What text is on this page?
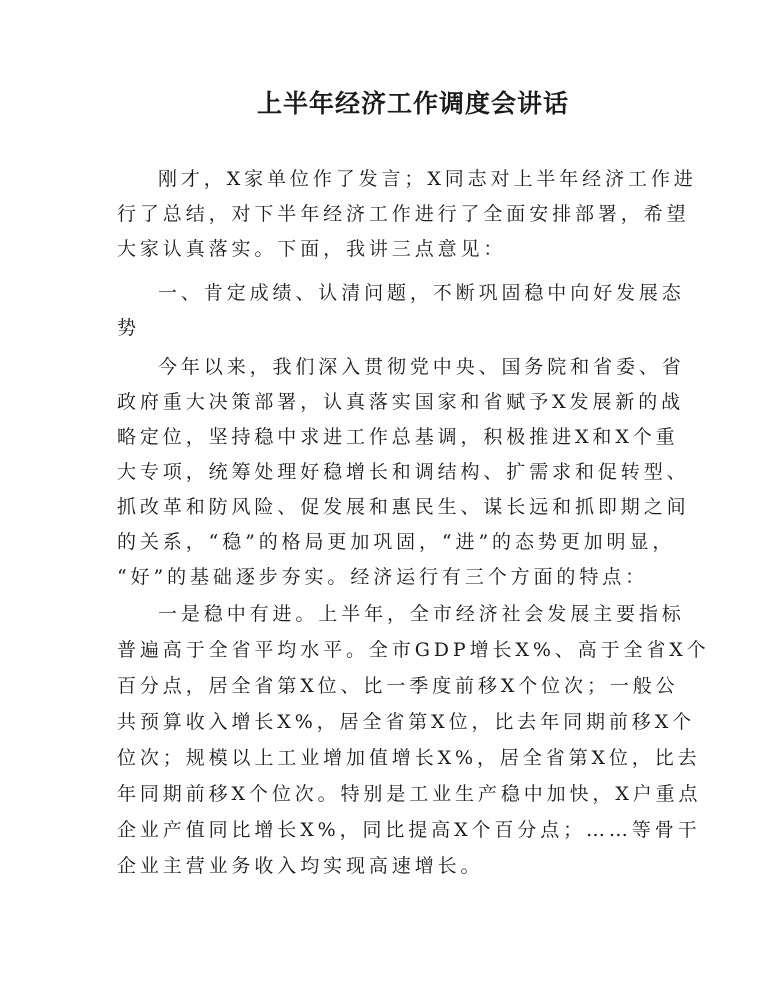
上半年经济工作调度会讲话

刚才，X家单位作了发言；X同志对上半年经济工作进

行了总结，对下半年经济工作进行了全面安排部署，希望

大家认真落实。下面，我讲三点意见：

一、肯定成绩、认清问题，不断巩固稳中向好发展态

势

今年以来，我们深入贯彻党中央、国务院和省委、省

政府重大决策部署，认真落实国家和省赋予X发展新的战

略定位，坚持稳中求进工作总基调，积极推进X和X个重

大专项，统筹处理好稳增长和调结构、扩需求和促转型、

抓改革和防风险、促发展和惠民生、谋长远和抓即期之间

的关系，“稳”的格局更加巩固，“进”的态势更加明显，

“好”的基础逐步夯实。经济运行有三个方面的特点：

一是稳中有进。上半年，全市经济社会发展主要指标

普遍高于全省平均水平。全市GDP增长X%、高于全省X个

百分点，居全省第X位、比一季度前移X个位次；一般公

共预算收入增长X%，居全省第X位，比去年同期前移X个

位次；规模以上工业增加值增长X%，居全省第X位，比去

年同期前移X个位次。特别是工业生产稳中加快，X户重点

企业产值同比增长X%，同比提高X个百分点；……等骨干

企业主营业务收入均实现高速增长。
